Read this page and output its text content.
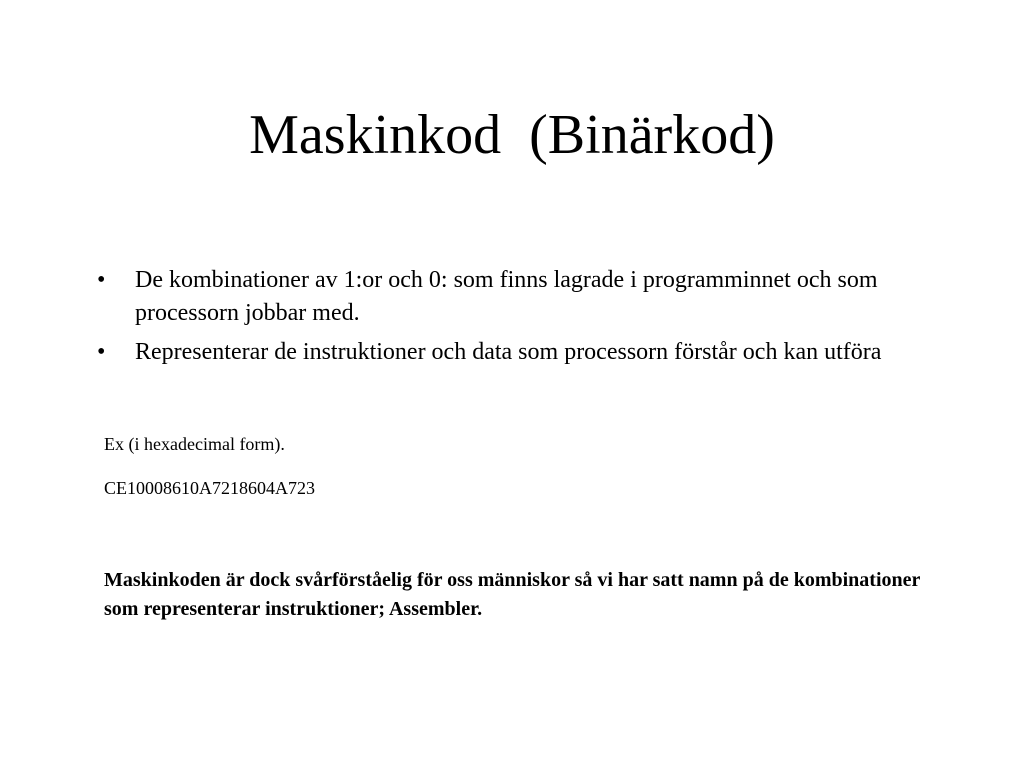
Maskinkod  (Binärkod)
•	De kombinationer av 1:or och 0: som finns lagrade i programminnet och som processorn jobbar med.
•	Representerar de instruktioner och data som processorn förstår och kan utföra

Ex (i hexadecimal form).

CE10008610A7218604A723

Maskinkoden är dock svårförståelig för oss människor så vi har satt namn på de kombinationer som representerar instruktioner; Assembler.
